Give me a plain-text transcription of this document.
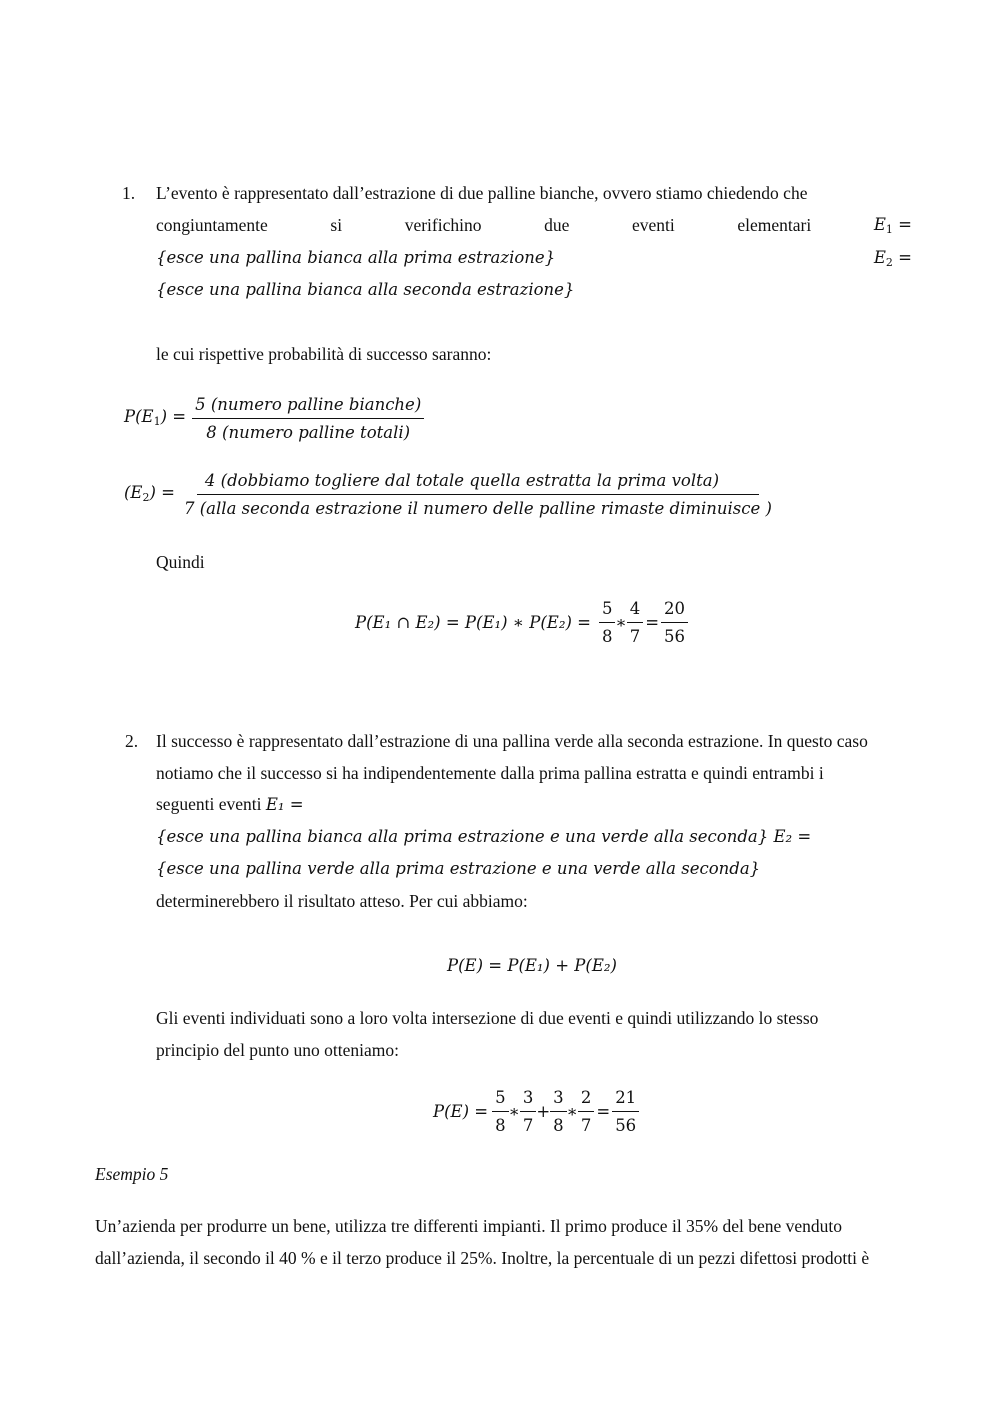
1. L’evento è rappresentato dall’estrazione di due palline bianche, ovvero stiamo chiedendo che
congiuntamente	si	verifichino	due	eventi	elementari	$E_1$ =
{esce una pallina bianca alla prima estrazione}	$E_2$ =
{esce una pallina bianca alla seconda estrazione}
le cui rispettive probabilità di successo saranno:
$P(E_1) = \frac{\text{5 (numero palline bianche)}}{\text{8 (numero palline totali)}}$
$(E_2)$ =
4 (dobbiamo togliere dal totale quella estratta la prima volta)
7 (alla seconda estrazione il numero delle palline rimaste diminuisce )
Quindi
P(E₁ ∩ E₂) = P(E₁) ∗ $P(E_2) = \frac{5}{8}$ ∗ $\frac{4}{7} = \frac{20}{56}$
2. Il successo è rappresentato dall’estrazione di una pallina verde alla seconda estrazione. In questo caso
notiamo che il successo si ha indipendentemente dalla prima pallina estratta e quindi entrambi i
seguenti eventi E₁ =
{esce una pallina bianca alla prima estrazione e una verde alla seconda} E₂ =
{esce una pallina verde alla prima estrazione e una verde alla seconda}
determinerebbero il risultato atteso. Per cui abbiamo:
P(E) = P(E₁) + P(E₂)
Gli eventi individuati sono a loro volta intersezione di due eventi e quindi utilizzando lo stesso
principio del punto uno otteniamo:
$P(E) = \frac{5}{8}$ ∗ $\frac{3}{7} + \frac{3}{8}$ ∗ $\frac{2}{7} = \frac{21}{56}$
Esempio 5
Un’azienda per produrre un bene, utilizza tre differenti impianti. Il primo produce il 35% del bene venduto
dall’azienda, il secondo il 40 % e il terzo produce il 25%. Inoltre, la percentuale di un pezzi difettosi prodotti è
